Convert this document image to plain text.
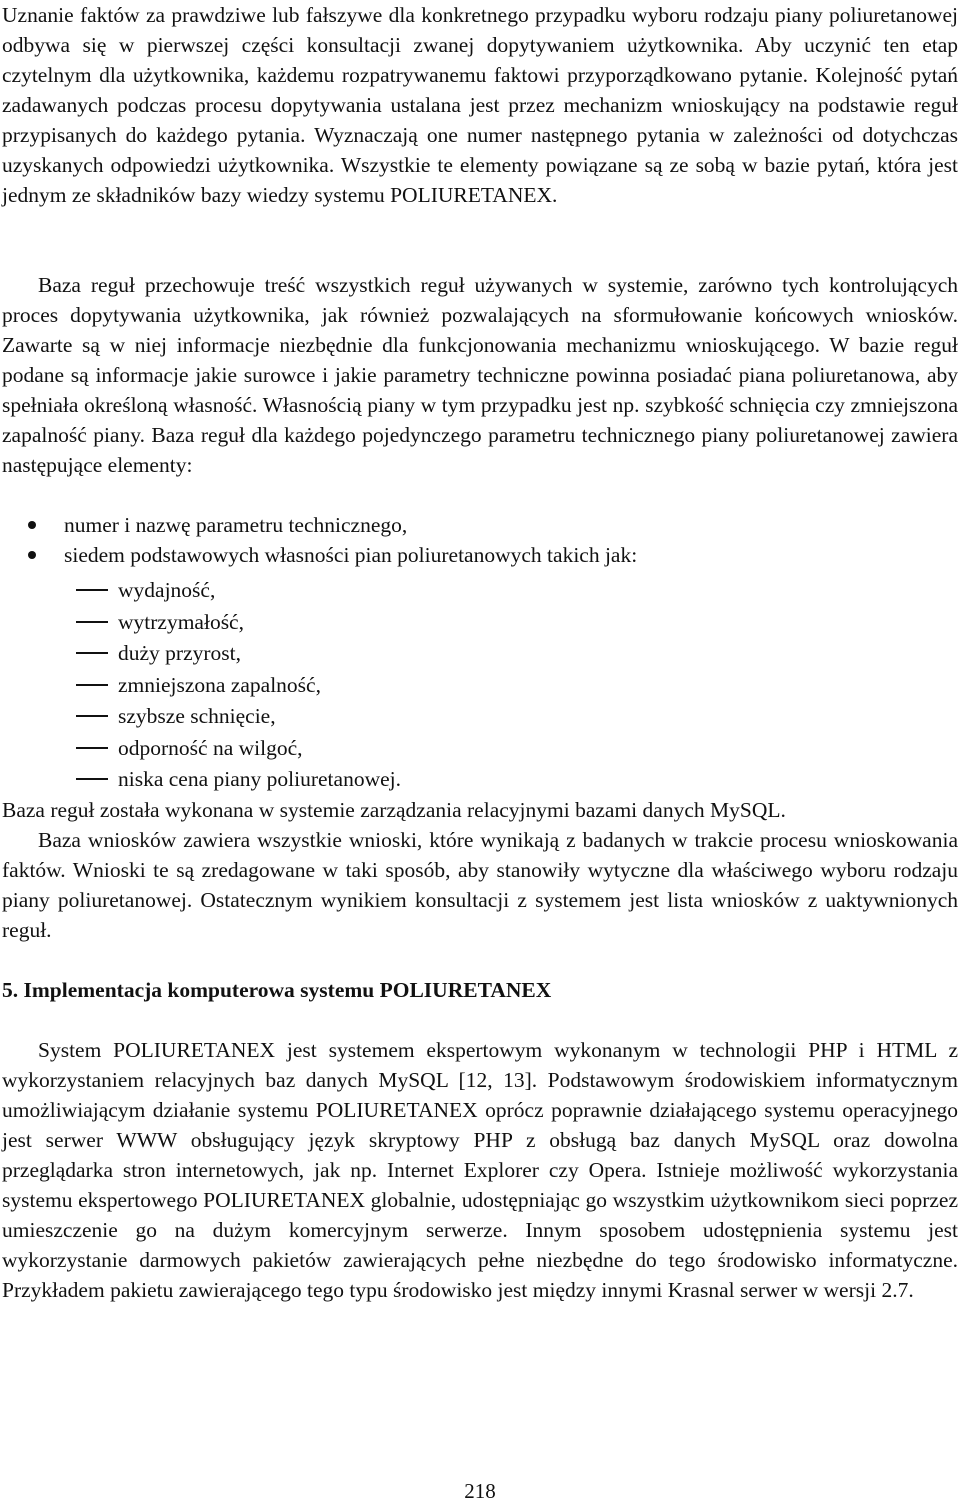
Uznanie faktów za prawdziwe lub fałszywe dla konkretnego przypadku wyboru rodzaju piany poliuretanowej odbywa się w pierwszej części konsultacji zwanej dopytywaniem użytkownika. Aby uczynić ten etap czytelnym dla użytkownika, każdemu rozpatrywanemu faktowi przyporządkowano pytanie. Kolejność pytań zadawanych podczas procesu dopytywania ustalana jest przez mechanizm wnioskujący na podstawie reguł przypisanych do każdego pytania. Wyznaczają one numer następnego pytania w zależności od dotychczas uzyskanych odpowiedzi użytkownika. Wszystkie te elementy powiązane są ze sobą w bazie pytań, która jest jednym ze składników bazy wiedzy systemu POLIURETANEX.

Baza reguł przechowuje treść wszystkich reguł używanych w systemie, zarówno tych kontrolujących proces dopytywania użytkownika, jak również pozwalających na sformułowanie końcowych wniosków. Zawarte są w niej informacje niezbędnie dla funkcjonowania mechanizmu wnioskującego. W bazie reguł podane są informacje jakie surowce i jakie parametry techniczne powinna posiadać piana poliuretanowa, aby spełniała określoną własność. Własnością piany w tym przypadku jest np. szybkość schnięcia czy zmniejszona zapalność piany. Baza reguł dla każdego pojedynczego parametru technicznego piany poliuretanowej zawiera następujące elementy:

numer i nazwę parametru technicznego,
siedem podstawowych własności pian poliuretanowych takich jak:
wydajność,
wytrzymałość,
duży przyrost,
zmniejszona zapalność,
szybsze schnięcie,
odporność na wilgoć,
niska cena piany poliuretanowej.

Baza reguł została wykonana w systemie zarządzania relacyjnymi bazami danych MySQL.

Baza wniosków zawiera wszystkie wnioski, które wynikają z badanych w trakcie procesu wnioskowania faktów. Wnioski te są zredagowane w taki sposób, aby stanowiły wytyczne dla właściwego wyboru rodzaju piany poliuretanowej. Ostatecznym wynikiem konsultacji z systemem jest lista wniosków z uaktywnionych reguł.

5. Implementacja komputerowa systemu POLIURETANEX

System POLIURETANEX jest systemem ekspertowym wykonanym w technologii PHP i HTML z wykorzystaniem relacyjnych baz danych MySQL [12, 13]. Podstawowym środowiskiem informatycznym umożliwiającym działanie systemu POLIURETANEX oprócz poprawnie działającego systemu operacyjnego jest serwer WWW obsługujący język skryptowy PHP z obsługą baz danych MySQL oraz dowolna przeglądarka stron internetowych, jak np. Internet Explorer czy Opera. Istnieje możliwość wykorzystania systemu ekspertowego POLIURETANEX globalnie, udostępniając go wszystkim użytkownikom sieci poprzez umieszczenie go na dużym komercyjnym serwerze. Innym sposobem udostępnienia systemu jest wykorzystanie darmowych pakietów zawierających pełne niezbędne do tego środowisko informatyczne. Przykładem pakietu zawierającego tego typu środowisko jest między innymi Krasnal serwer w wersji 2.7.

218
